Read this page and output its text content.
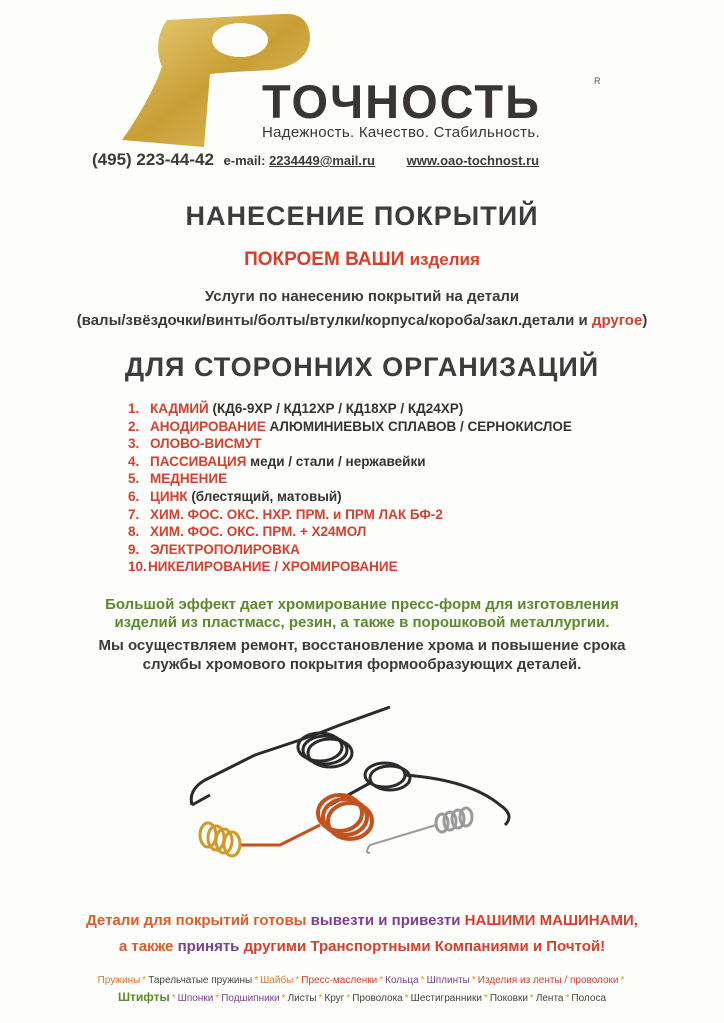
ТОЧНОСТЬ	R
Надежность. Качество. Стабильность.
(495) 223-44-42 e-mail: 2234449@mail.ru www.oao-tochnost.ru
НАНЕСЕНИЕ ПОКРЫТИЙ
ПОКРОЕМ ВАШИ изделия
Услуги по нанесению покрытий на детали
(валы/звёздочки/винты/болты/втулки/корпуса/короба/закл.детали и другое)
ДЛЯ СТОРОННИХ ОРГАНИЗАЦИЙ
1. КАДМИЙ (КД6-9ХР / КД12ХР / КД18ХР / КД24ХР)
2. АНОДИРОВАНИЕ АЛЮМИНИЕВЫХ СПЛАВОВ / СЕРНОКИСЛОЕ
3. ОЛОВО-ВИСМУТ
4. ПАССИВАЦИЯ меди / стали / нержавейки
5. МЕДНЕНИЕ
6. ЦИНК (блестящий, матовый)
7. ХИМ. ФОС. ОКС. НХР. ПРМ. и ПРМ ЛАК БФ-2
8. ХИМ. ФОС. ОКС. ПРМ. + Х24МОЛ
9. ЭЛЕКТРОПОЛИРОВКА
10.НИКЕЛИРОВАНИЕ / ХРОМИРОВАНИЕ
Большой эффект дает хромирование пресс-форм для изготовления
изделий из пластмасс, резин, а также в порошковой металлургии.
Мы осуществляем ремонт, восстановление хрома и повышение срока
службы хромового покрытия формообразующих деталей.
Детали для покрытий готовы вывезти и привезти НАШИМИ МАШИНАМИ,
а также принять другими Транспортными Компаниями и Почтой!
Пружины * Тарельчатые пружины * Шайбы * Пресс-масленки * Кольца * Шплинты * Изделия из ленты / проволоки *
Штифты * Шпонки * Подшипники * Листы * Круг * Проволока * Шестигранники * Поковки * Лента * Полоса
